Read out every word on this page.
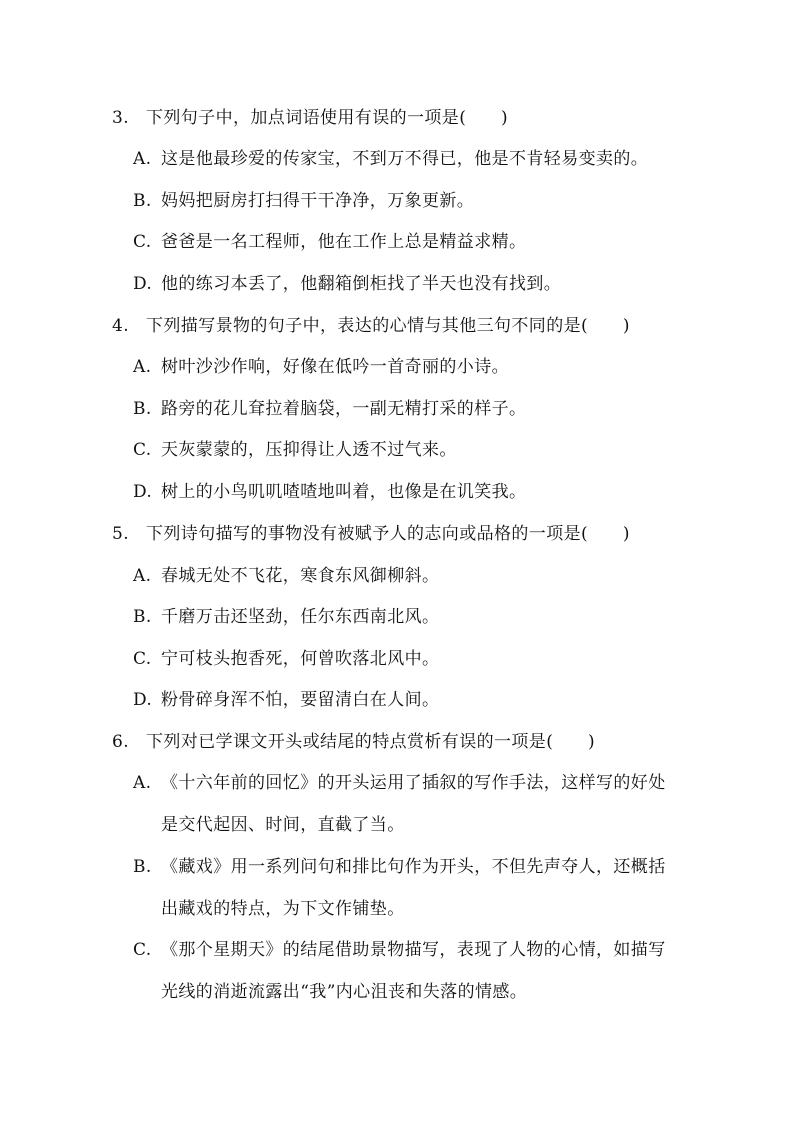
3. 下列句子中，加点词语使用有误的一项是(　　)
A. 这是他最珍爱的传家宝，不到万不得已，他是不肯轻易变卖的。
B. 妈妈把厨房打扫得干干净净，万象更新。
C. 爸爸是一名工程师，他在工作上总是精益求精。
D. 他的练习本丢了，他翻箱倒柜找了半天也没有找到。
4. 下列描写景物的句子中，表达的心情与其他三句不同的是(　　)
A. 树叶沙沙作响，好像在低吟一首奇丽的小诗。
B. 路旁的花儿耷拉着脑袋，一副无精打采的样子。
C. 天灰蒙蒙的，压抑得让人透不过气来。
D. 树上的小鸟叽叽喳喳地叫着，也像是在讥笑我。
5. 下列诗句描写的事物没有被赋予人的志向或品格的一项是(　　)
A. 春城无处不飞花，寒食东风御柳斜。
B. 千磨万击还坚劲，任尔东西南北风。
C. 宁可枝头抱香死，何曾吹落北风中。
D. 粉骨碎身浑不怕，要留清白在人间。
6. 下列对已学课文开头或结尾的特点赏析有误的一项是(　　)
A. 《十六年前的回忆》的开头运用了插叙的写作手法，这样写的好处
是交代起因、时间，直截了当。
B. 《藏戏》用一系列问句和排比句作为开头，不但先声夺人，还概括
出藏戏的特点，为下文作铺垫。
C. 《那个星期天》的结尾借助景物描写，表现了人物的心情，如描写
光线的消逝流露出“我”内心沮丧和失落的情感。
